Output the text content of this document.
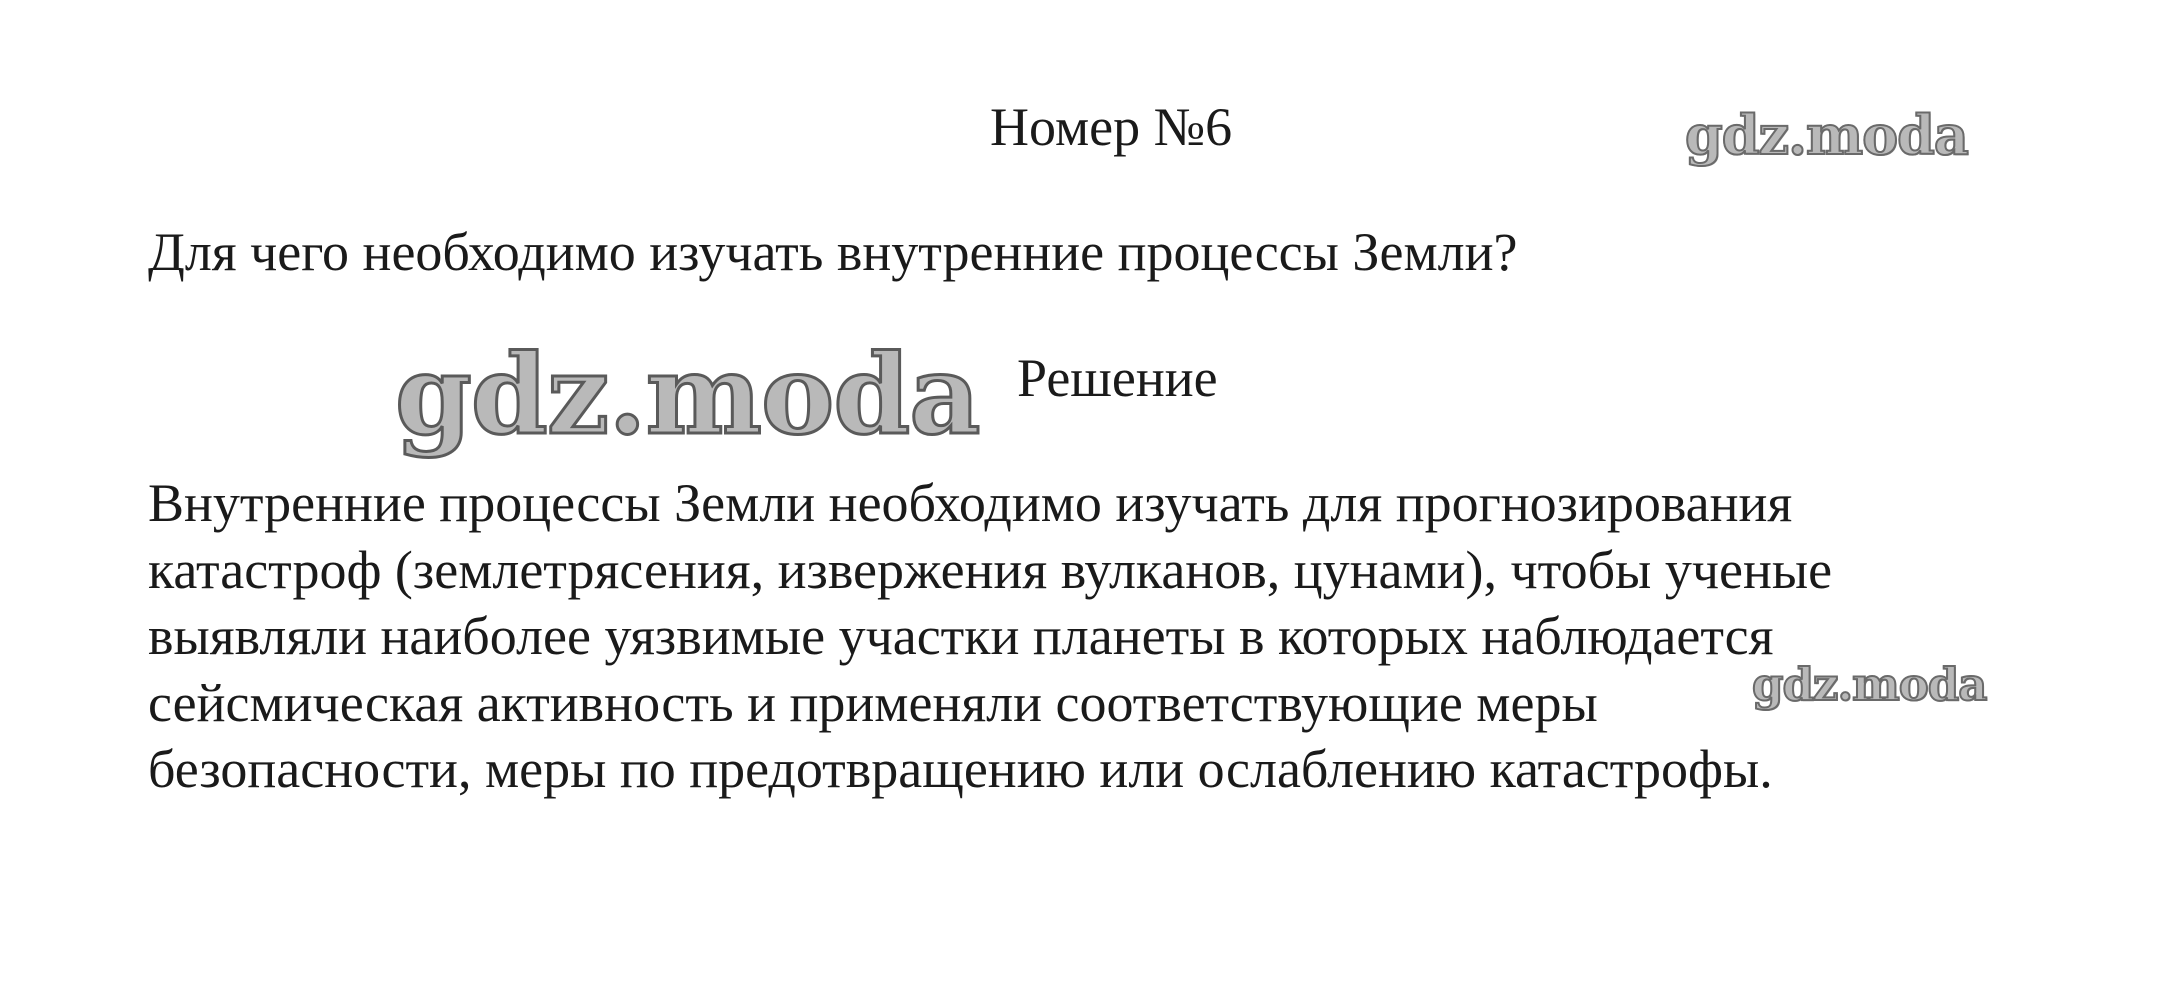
Номер №6	gdz.moda
Для чего необходимо изучать внутренние процессы Земли?
gdz.moda Решение
Внутренние процессы Земли необходимо изучать для прогнозирования
катастроф (землетрясения, извержения вулканов, цунами), чтобы ученые
выявляли наиболее уязвимые участки планеты в которых наблюдается
сейсмическая активность и применяли соответствующие меры
безопасности, меры по предотвращению или ослаблению катастрофы.
gdz.moda
